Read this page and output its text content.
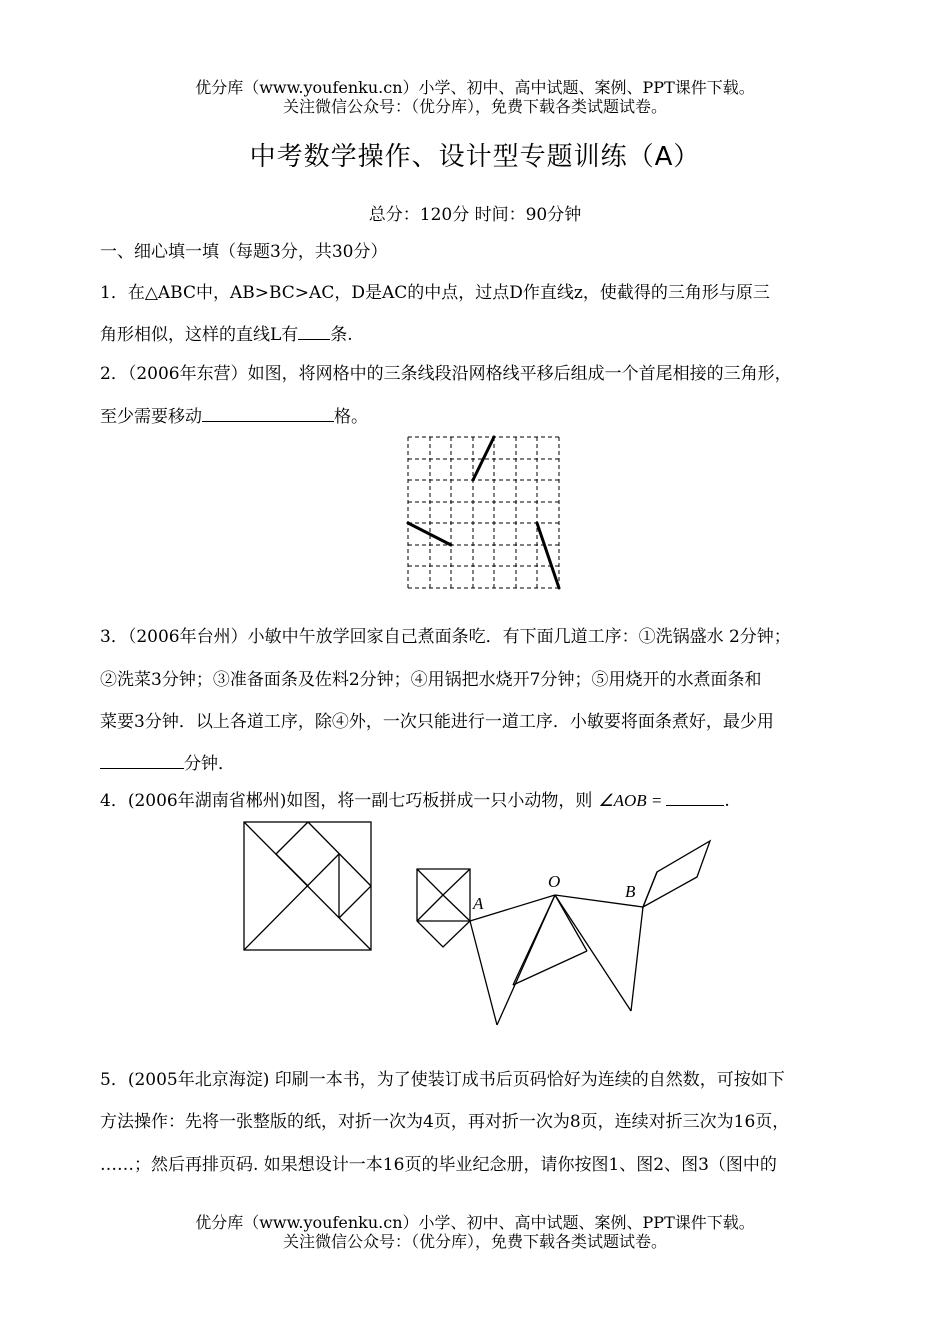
优分库（www.youfenku.cn）小学、初中、高中试题、案例、PPT课件下载。
关注微信公众号：（优分库），免费下载各类试题试卷。
中考数学操作、设计型专题训练（A）
总分：120分 时间：90分钟
一、细心填一填（每题3分，共30分）
1．在△ABC中，AB>BC>AC，D是AC的中点，过点D作直线z，使截得的三角形与原三
角形相似，这样的直线L有 条.
2．（2006年东营）如图，将网格中的三条线段沿网格线平移后组成一个首尾相接的三角形，
至少需要移动	格。
3．（2006年台州）小敏中午放学回家自己煮面条吃．有下面几道工序：①洗锅盛水 2分钟；
②洗菜3分钟；③准备面条及佐料2分钟；④用锅把水烧开7分钟；⑤用烧开的水煮面条和
菜要3分钟．以上各道工序，除④外，一次只能进行一道工序．小敏要将面条煮好，最少用
分钟．
4．(2006年湖南省郴州)如图，将一副七巧板拼成一只小动物，则 ∠AOB =	.
A
O
B
5．(2005年北京海淀) 印刷一本书，为了使装订成书后页码恰好为连续的自然数，可按如下
方法操作：先将一张整版的纸，对折一次为4页，再对折一次为8页，连续对折三次为16页，
……；然后再排页码. 如果想设计一本16页的毕业纪念册，请你按图1、图2、图3（图中的
优分库（www.youfenku.cn）小学、初中、高中试题、案例、PPT课件下载。
关注微信公众号：（优分库），免费下载各类试题试卷。
